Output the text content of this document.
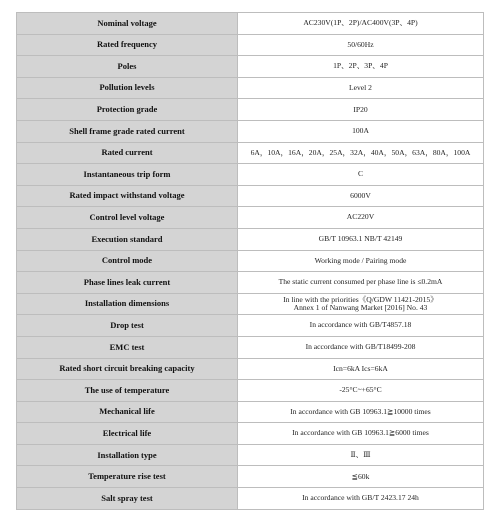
Nominal voltage	AC230V(1P、2P)/AC400V(3P、4P)

Rated frequency	50/60Hz

Poles	1P、2P、3P、4P

Pollution levels	Level 2

Protection grade	IP20

Shell frame grade rated current	100A

Rated current	6A，10A，16A，20A，25A，32A，40A，50A，63A，80A，100A

Instantaneous trip form	C

Rated impact withstand voltage	6000V

Control level voltage	AC220V

Execution standard	GB/T 10963.1 NB/T 42149

Control mode	Working mode / Pairing mode

Phase lines leak current	The static current consumed per phase line is ≤0.2mA

Installation dimensions	In line with the priorities《Q/GDW 11421-2015》
Annex 1 of Nanwang Market [2016] No. 43

Drop test	In accordance with GB/T4857.18

EMC test	In accordance with GB/T18499-208

Rated short circuit breaking capacity	Icn=6kA Ics=6kA

The use of temperature	-25°C~+65°C

Mechanical life	In accordance with GB 10963.1≧10000 times

Electrical life	In accordance with GB 10963.1≧6000 times

Installation type	Ⅱ、Ⅲ

Temperature rise test	≦60k

Salt spray test	In accordance with GB/T 2423.17 24h
